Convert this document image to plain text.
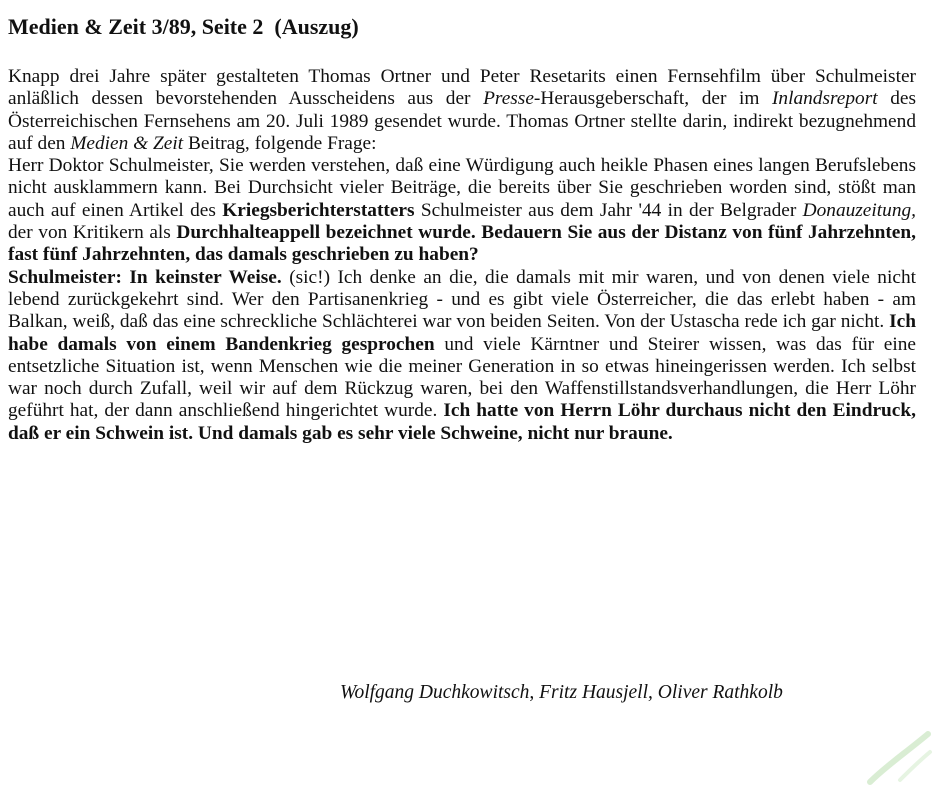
Medien & Zeit 3/89, Seite 2  (Auszug)

Knapp drei Jahre später gestalteten Thomas Ortner und Peter Resetarits einen Fernsehfilm über Schulmeister anläßlich dessen bevorstehenden Ausscheidens aus der Presse-Herausgeberschaft, der im Inlandsreport des Österreichischen Fernsehens am 20. Juli 1989 gesendet wurde. Thomas Ortner stellte darin, indirekt bezugnehmend auf den Medien & Zeit Beitrag, folgende Frage:

Herr Doktor Schulmeister, Sie werden verstehen, daß eine Würdigung auch heikle Phasen eines langen Berufslebens nicht ausklammern kann. Bei Durchsicht vieler Beiträge, die bereits über Sie geschrieben worden sind, stößt man auch auf einen Artikel des Kriegsberichterstatters Schulmeister aus dem Jahr '44 in der Belgrader Donauzeitung, der von Kritikern als Durchhalteappell bezeichnet wurde. Bedauern Sie aus der Distanz von fünf Jahrzehnten, fast fünf Jahrzehnten, das damals geschrieben zu haben?

Schulmeister: In keinster Weise. (sic!) Ich denke an die, die damals mit mir waren, und von denen viele nicht lebend zurückgekehrt sind. Wer den Partisanenkrieg - und es gibt viele Österreicher, die das erlebt haben - am Balkan, weiß, daß das eine schreckliche Schlächterei war von beiden Seiten. Von der Ustascha rede ich gar nicht. Ich habe damals von einem Bandenkrieg gesprochen und viele Kärntner und Steirer wissen, was das für eine entsetzliche Situation ist, wenn Menschen wie die meiner Generation in so etwas hineingerissen werden. Ich selbst war noch durch Zufall, weil wir auf dem Rückzug waren, bei den Waffenstillstandsverhandlungen, die Herr Löhr geführt hat, der dann anschließend hingerichtet wurde. Ich hatte von Herrn Löhr durchaus nicht den Eindruck, daß er ein Schwein ist. Und damals gab es sehr viele Schweine, nicht nur braune.

Wolfgang Duchkowitsch, Fritz Hausjell, Oliver Rathkolb
